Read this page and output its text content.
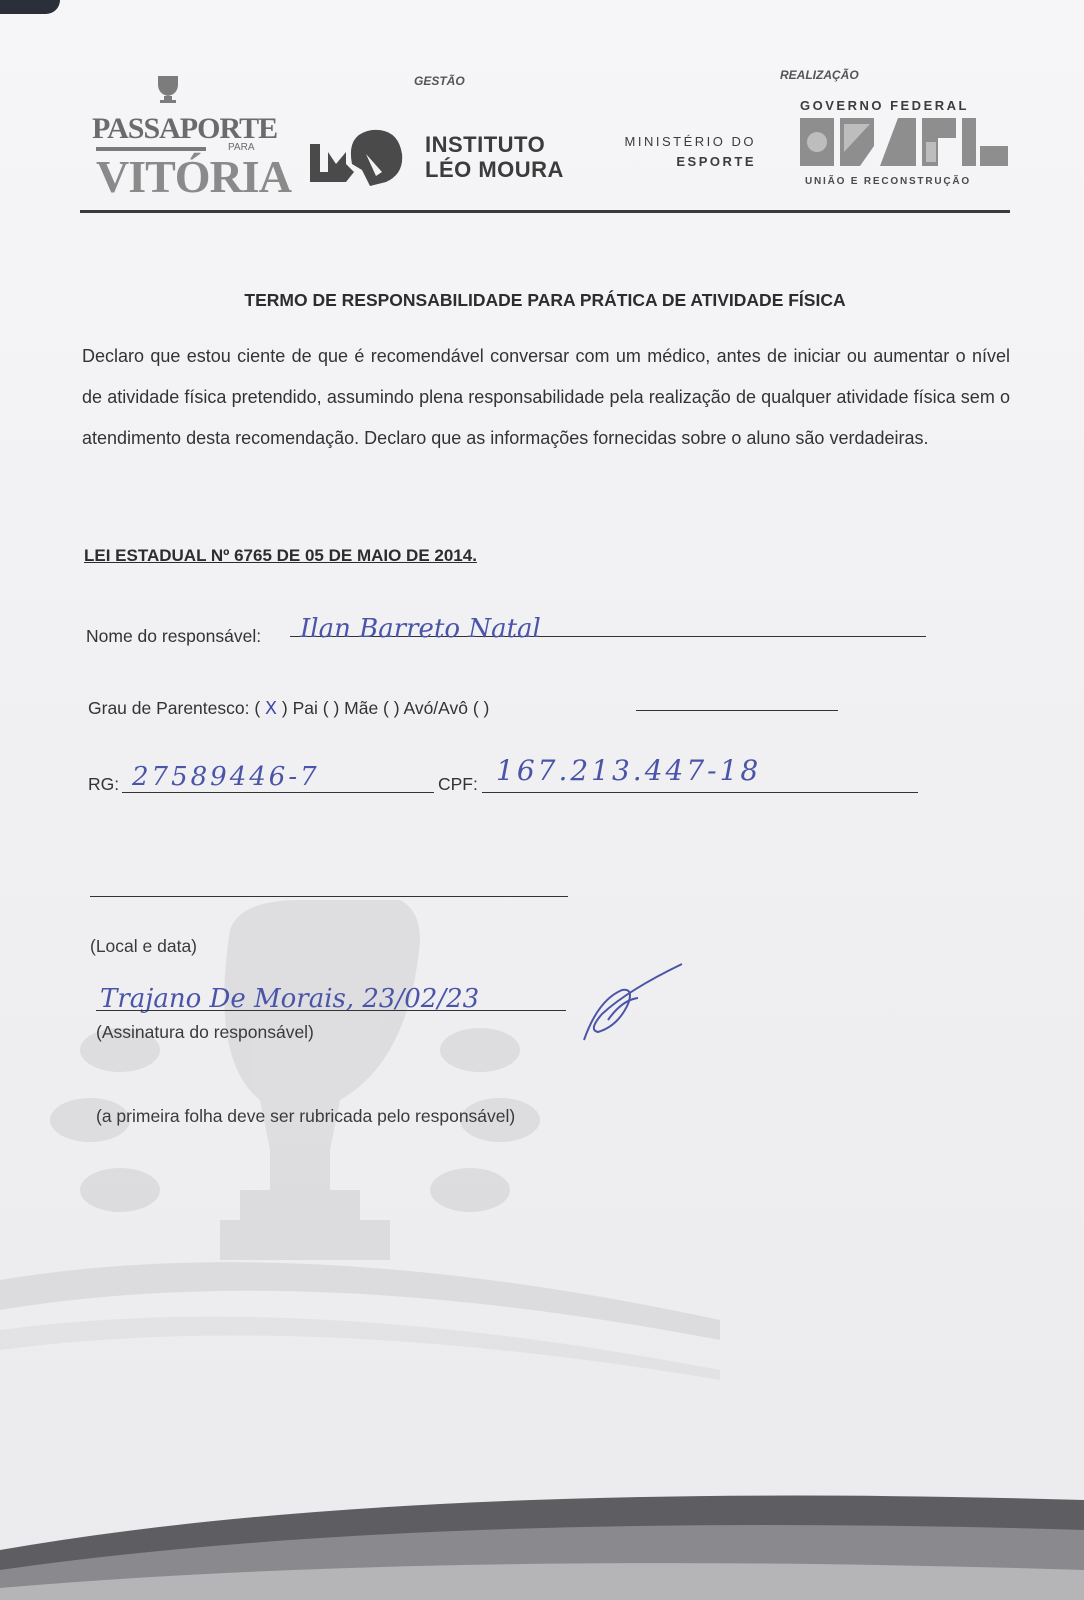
PASSAPORTE
PARA
VITÓRIA
GESTÃO
INSTITUTO
LÉO MOURA
REALIZAÇÃO
MINISTÉRIO DO
ESPORTE
GOVERNO FEDERAL
BRASIL
UNIÃO E RECONSTRUÇÃO
TERMO DE RESPONSABILIDADE PARA PRÁTICA DE ATIVIDADE FÍSICA
Declaro que estou ciente de que é recomendável conversar com um médico, antes de iniciar ou aumentar o nível de atividade física pretendido, assumindo plena responsabilidade pela realização de qualquer atividade física sem o atendimento desta recomendação. Declaro que as informações fornecidas sobre o aluno são verdadeiras.
LEI ESTADUAL Nº 6765 DE 05 DE MAIO DE 2014.
Nome do responsável: Ilan Barreto Natal
Grau de Parentesco: ( X ) Pai ( ) Mãe ( ) Avó/Avô ( )
RG: 27589446-7	CPF: 167.213.447-18
(Local e data)
Trajano De Morais, 23/02/23
(Assinatura do responsável)
(a primeira folha deve ser rubricada pelo responsável)
